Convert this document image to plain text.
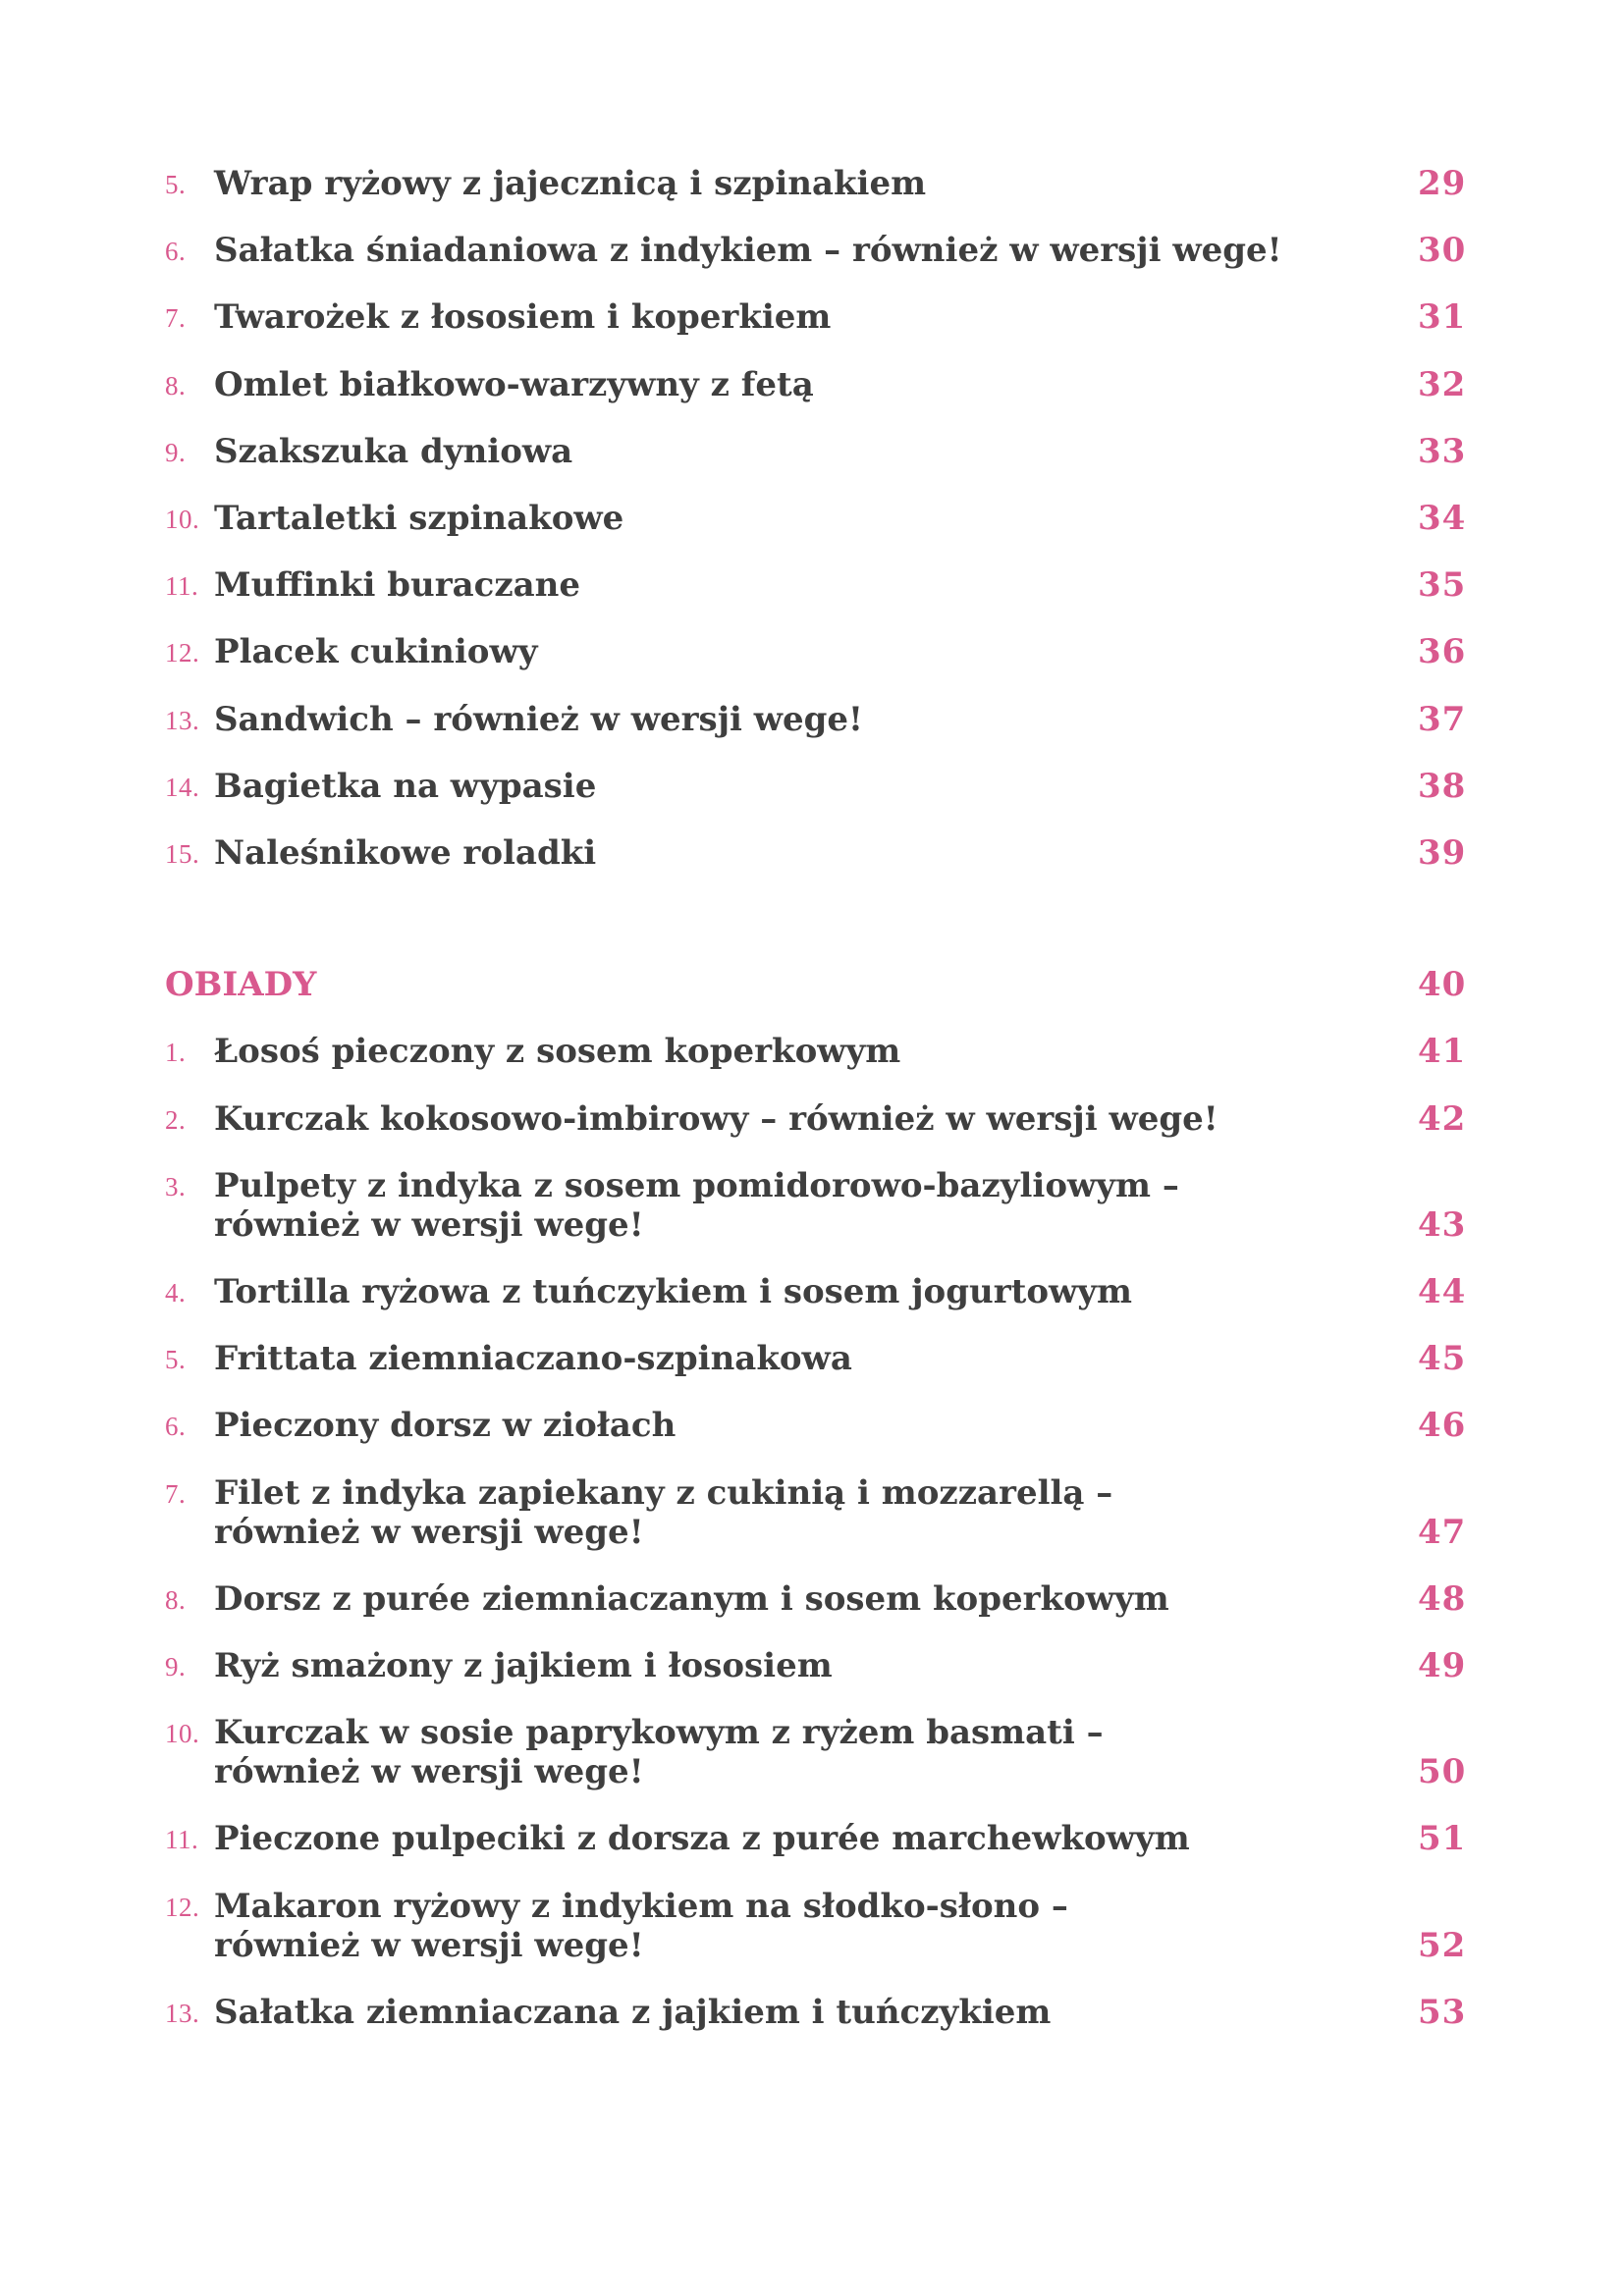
5. Wrap ryżowy z jajecznicą i szpinakiem	29
6. Sałatka śniadaniowa z indykiem – również w wersji wege!	30
7. Twarożek z łososiem i koperkiem	31
8. Omlet białkowo-warzywny z fetą	32
9. Szakszuka dyniowa	33
10. Tartaletki szpinakowe	34
11. Muffinki buraczane	35
12. Placek cukiniowy	36
13. Sandwich – również w wersji wege!	37
14. Bagietka na wypasie	38
15. Naleśnikowe roladki	39
OBIADY	40
1. Łosoś pieczony z sosem koperkowym	41
2. Kurczak kokosowo-imbirowy – również w wersji wege!	42
3. Pulpety z indyka z sosem pomidorowo-bazyliowym –
również w wersji wege!	43
4. Tortilla ryżowa z tuńczykiem i sosem jogurtowym	44
5. Frittata ziemniaczano-szpinakowa	45
6. Pieczony dorsz w ziołach	46
7. Filet z indyka zapiekany z cukinią i mozzarellą –
również w wersji wege!	47
8. Dorsz z purée ziemniaczanym i sosem koperkowym	48
9. Ryż smażony z jajkiem i łososiem	49
10. Kurczak w sosie paprykowym z ryżem basmati –
również w wersji wege!	50
11. Pieczone pulpeciki z dorsza z purée marchewkowym	51
12. Makaron ryżowy z indykiem na słodko-słono –
również w wersji wege!	52
13. Sałatka ziemniaczana z jajkiem i tuńczykiem	53
